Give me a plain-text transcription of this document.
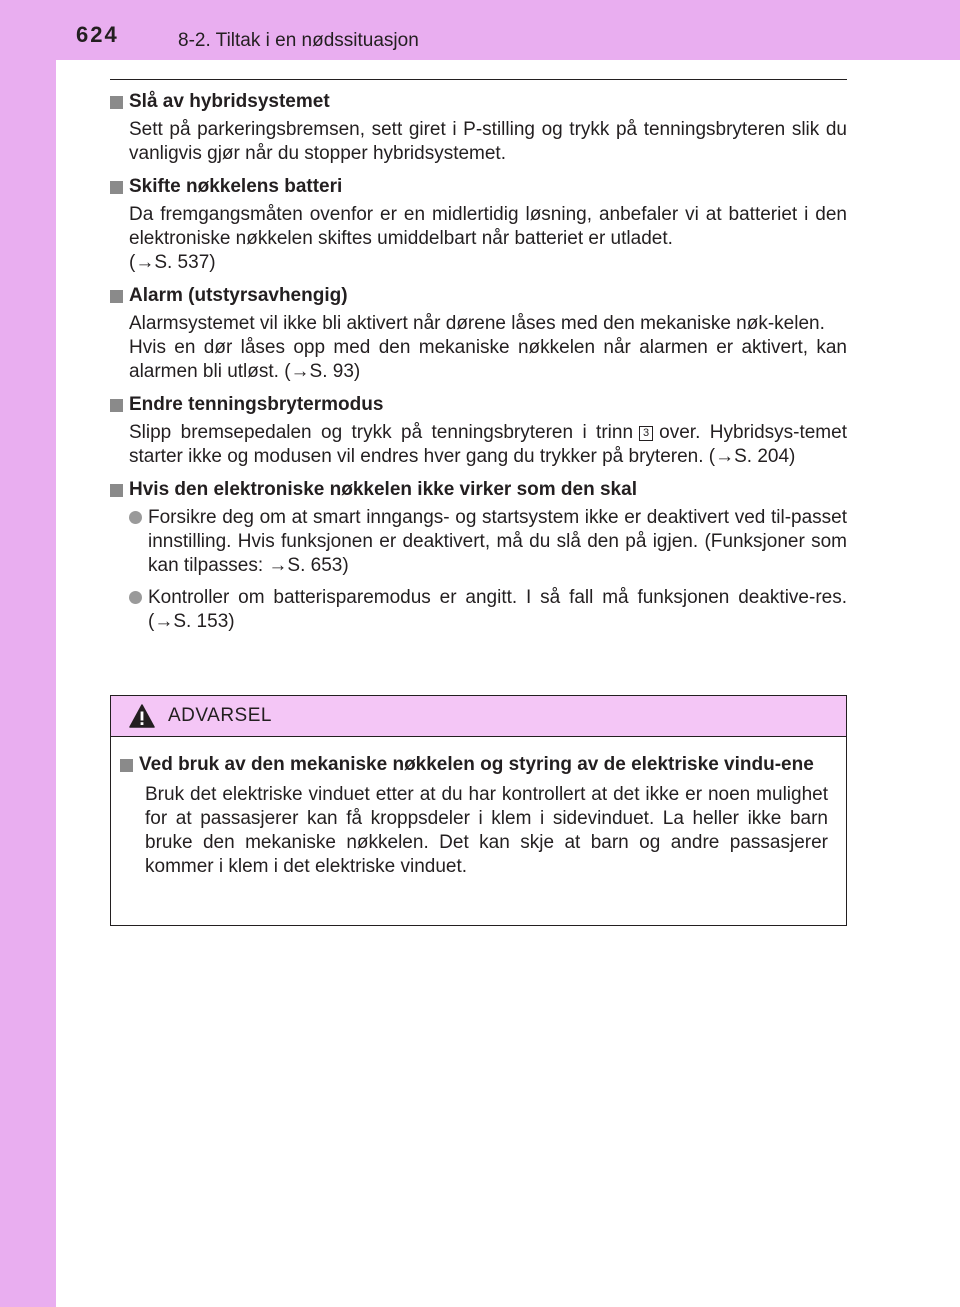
624	8-2. Tiltak i en nødssituasjon
Slå av hybridsystemet

Sett på parkeringsbremsen, sett giret i P-stilling og trykk på tenningsbryteren slik du vanligvis gjør når du stopper hybridsystemet.

Skifte nøkkelens batteri

Da fremgangsmåten ovenfor er en midlertidig løsning, anbefaler vi at batteriet i den elektroniske nøkkelen skiftes umiddelbart når batteriet er utladet.

(→S. 537)

Alarm (utstyrsavhengig)

Alarmsystemet vil ikke bli aktivert når dørene låses med den mekaniske nøk-kelen.

Hvis en dør låses opp med den mekaniske nøkkelen når alarmen er aktivert, kan alarmen bli utløst. (→S. 93)

Endre tenningsbrytermodus

Slipp bremsepedalen og trykk på tenningsbryteren i trinn 3 over. Hybridsys-temet starter ikke og modusen vil endres hver gang du trykker på bryteren. (→S. 204)

Hvis den elektroniske nøkkelen ikke virker som den skal
Forsikre deg om at smart inngangs- og startsystem ikke er deaktivert ved til-passet innstilling. Hvis funksjonen er deaktivert, må du slå den på igjen. (Funksjoner som kan tilpasses: →S. 653)
Kontroller om batterisparemodus er angitt. I så fall må funksjonen deaktive-res. (→S. 153)
ADVARSEL
Ved bruk av den mekaniske nøkkelen og styring av de elektriske vindu-ene

Bruk det elektriske vinduet etter at du har kontrollert at det ikke er noen mulighet for at passasjerer kan få kroppsdeler i klem i sidevinduet. La heller ikke barn bruke den mekaniske nøkkelen. Det kan skje at barn og andre passasjerer kommer i klem i det elektriske vinduet.
